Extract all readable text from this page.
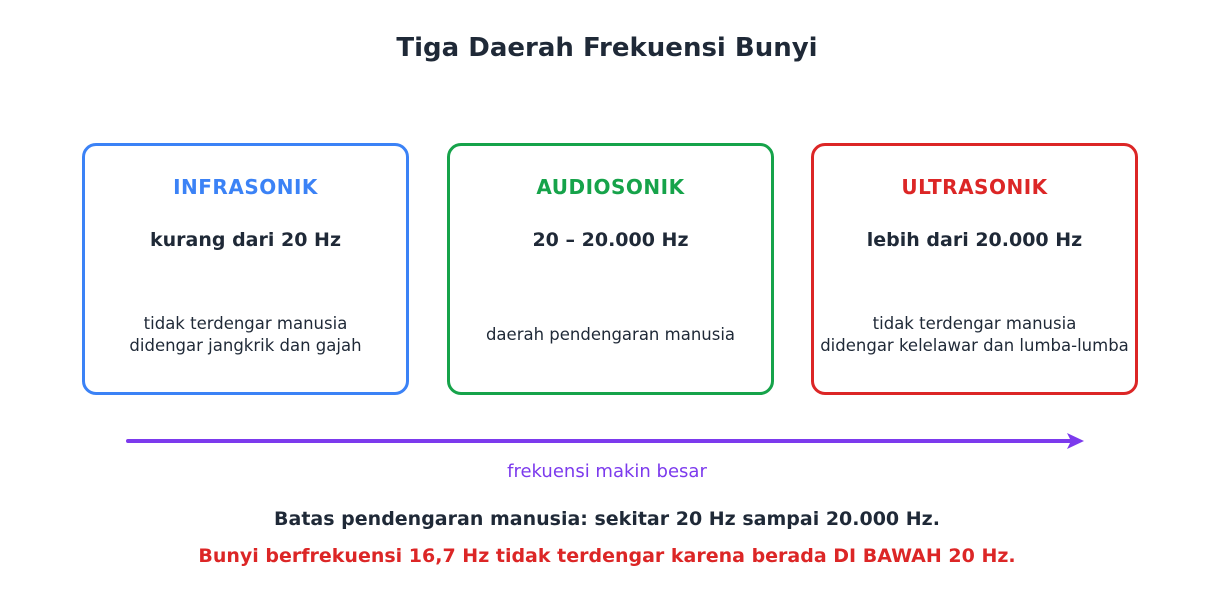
Tiga Daerah Frekuensi Bunyi
INFRASONIK
kurang dari 20 Hz
tidak terdengar manusia
didengar jangkrik dan gajah
AUDIOSONIK
20 – 20.000 Hz
daerah pendengaran manusia
ULTRASONIK
lebih dari 20.000 Hz
tidak terdengar manusia
didengar kelelawar dan lumba-lumba
frekuensi makin besar
Batas pendengaran manusia: sekitar 20 Hz sampai 20.000 Hz.
Bunyi berfrekuensi 16,7 Hz tidak terdengar karena berada DI BAWAH 20 Hz.
